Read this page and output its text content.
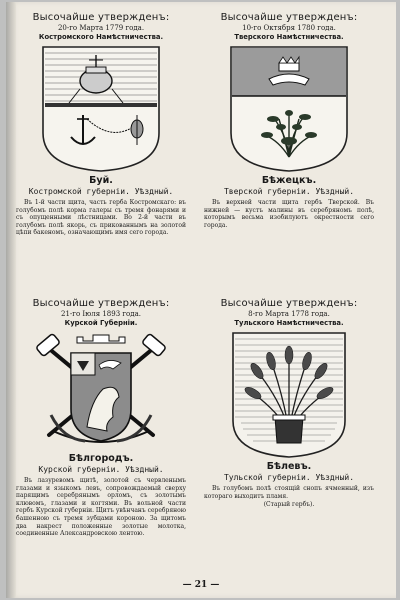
Высочайше утвержденъ:
20-го Марта 1779 года.
Костромского Намѣстничества.
Буй.
Костромской губерніи. Уѣздный.
Въ 1-й части щита, часть герба Костромскаго: въ голубомъ полѣ корма галеры съ тремя фонарями и съ опущенными лѣстницами. Во 2-й части въ голубомъ полѣ якорь, съ прикованнымъ на золотой цѣпи бакеномъ, означающимъ имя сего города.
Высочайше утвержденъ:
10-го Октября 1780 года.
Тверского Намѣстничества.
Бѣжецкъ.
Тверской губерніи. Уѣздный.
Въ верхней части щита гербъ Тверской. Въ нижней — кустъ малины въ серебряномъ полѣ, которымъ весьма изобилуютъ окрестности сего города.
Высочайше утвержденъ:
21-го Іюля 1893 года.
Курской Губерніи.
Бѣлгородъ.
Курской губерніи. Уѣздный.
Въ лазуревомъ щитѣ, золотой съ червленымъ глазами и языкомъ левъ, сопровождаемый сверху парящимъ серебрянымъ орломъ, съ золотымъ клювомъ, глазами и когтями. Въ вольной части гербъ Курской губерніи. Щитъ увѣнчанъ серебряною башенною съ тремя зубцами короною. За щитомъ два накрест положенные золотые молотка, соединенные Александровскою лентою.
Высочайше утвержденъ:
8-го Марта 1778 года.
Тульского Намѣстничества.
Бѣлевъ.
Тульской губерніи. Уѣздный.
Въ голубомъ полѣ стоящій снопъ ячменный, изъ котораго выходитъ пламя.
(Старый гербъ).
— 21 —
